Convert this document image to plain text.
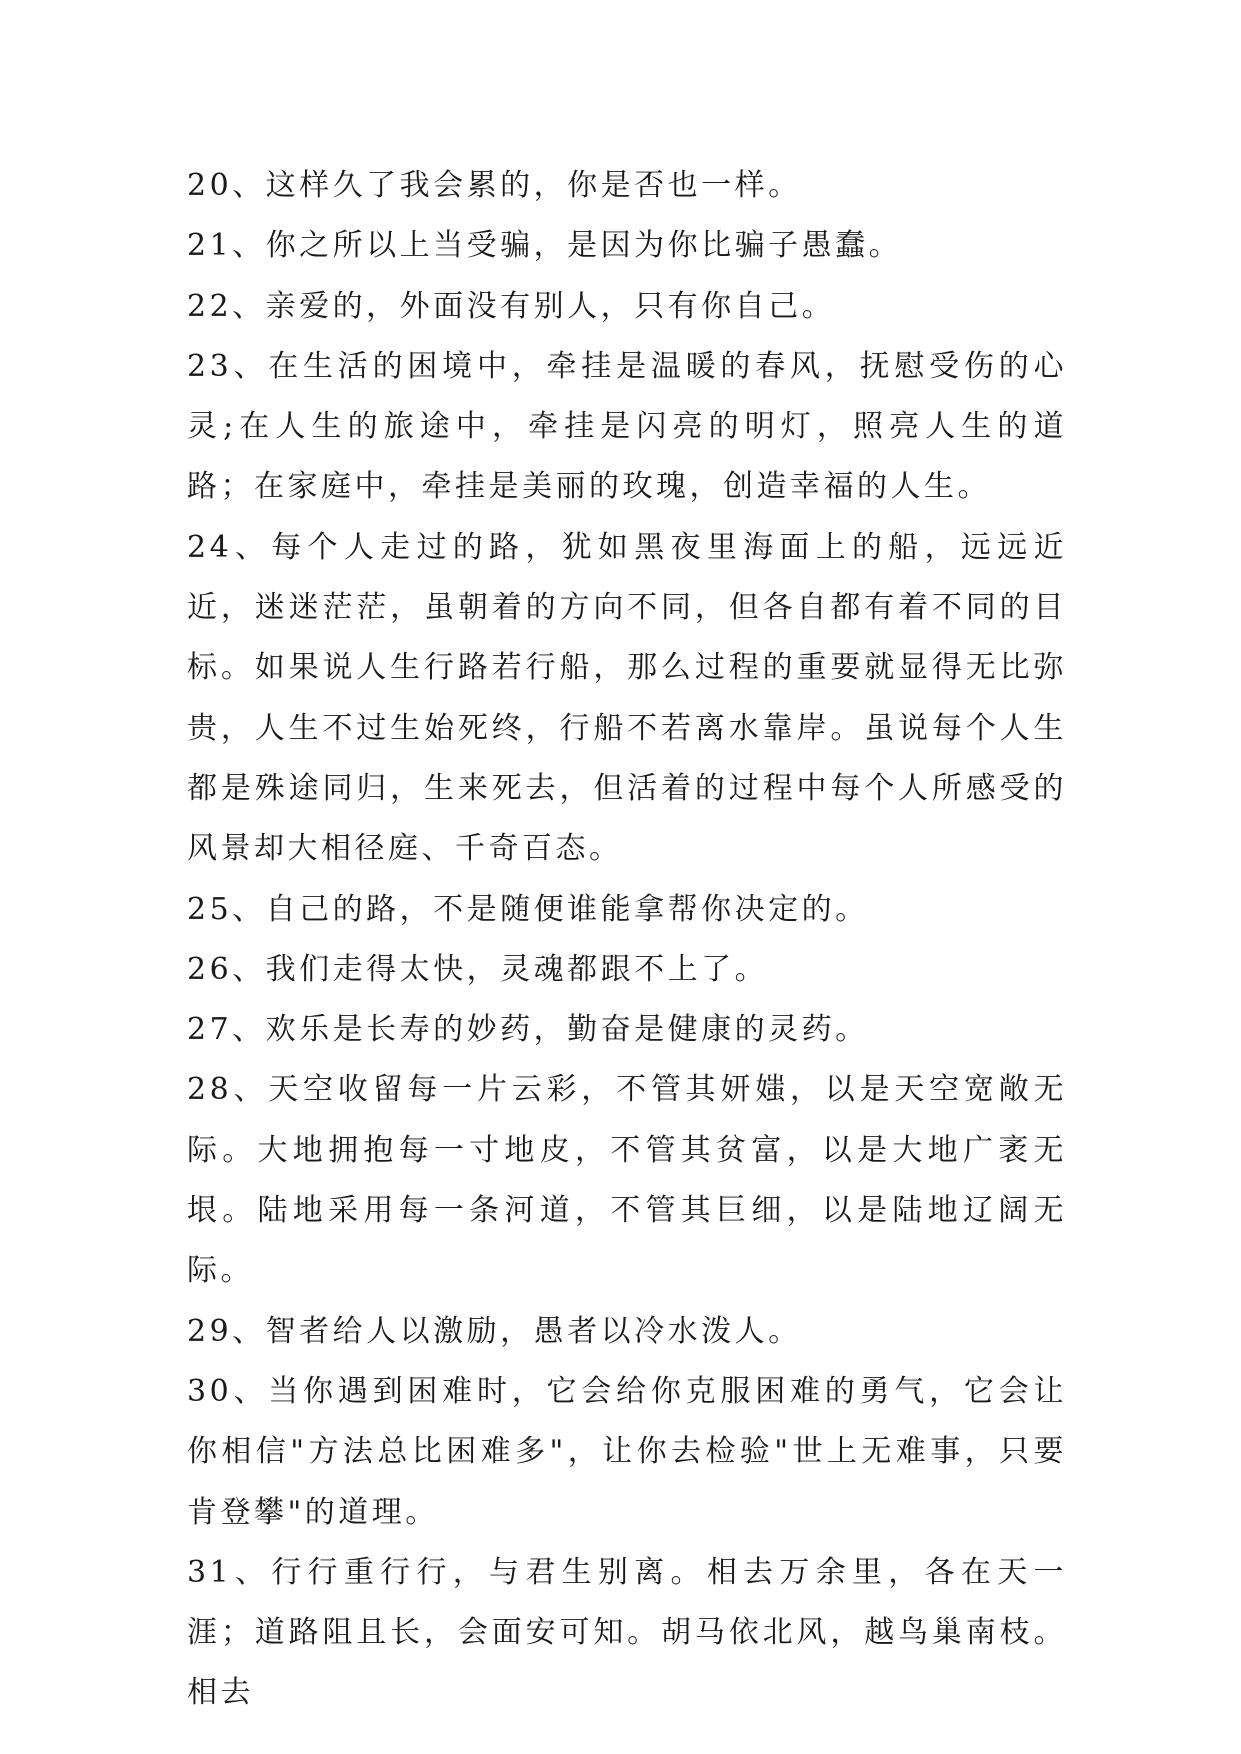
20、这样久了我会累的，你是否也一样。

21、你之所以上当受骗，是因为你比骗子愚蠢。

22、亲爱的，外面没有别人，只有你自己。

23、在生活的困境中，牵挂是温暖的春风，抚慰受伤的心灵;在人生的旅途中，牵挂是闪亮的明灯，照亮人生的道路；在家庭中，牵挂是美丽的玫瑰，创造幸福的人生。

24、每个人走过的路，犹如黑夜里海面上的船，远远近近，迷迷茫茫，虽朝着的方向不同，但各自都有着不同的目标。如果说人生行路若行船，那么过程的重要就显得无比弥贵，人生不过生始死终，行船不若离水靠岸。虽说每个人生都是殊途同归，生来死去，但活着的过程中每个人所感受的风景却大相径庭、千奇百态。

25、自己的路，不是随便谁能拿帮你决定的。

26、我们走得太快，灵魂都跟不上了。

27、欢乐是长寿的妙药，勤奋是健康的灵药。

28、天空收留每一片云彩，不管其妍媸，以是天空宽敞无际。大地拥抱每一寸地皮，不管其贫富，以是大地广袤无垠。陆地采用每一条河道，不管其巨细，以是陆地辽阔无际。

29、智者给人以激励，愚者以冷水泼人。

30、当你遇到困难时，它会给你克服困难的勇气，它会让你相信"方法总比困难多"，让你去检验"世上无难事，只要肯登攀"的道理。

31、行行重行行，与君生别离。相去万余里，各在天一涯；道路阻且长，会面安可知。胡马依北风，越鸟巢南枝。相去
